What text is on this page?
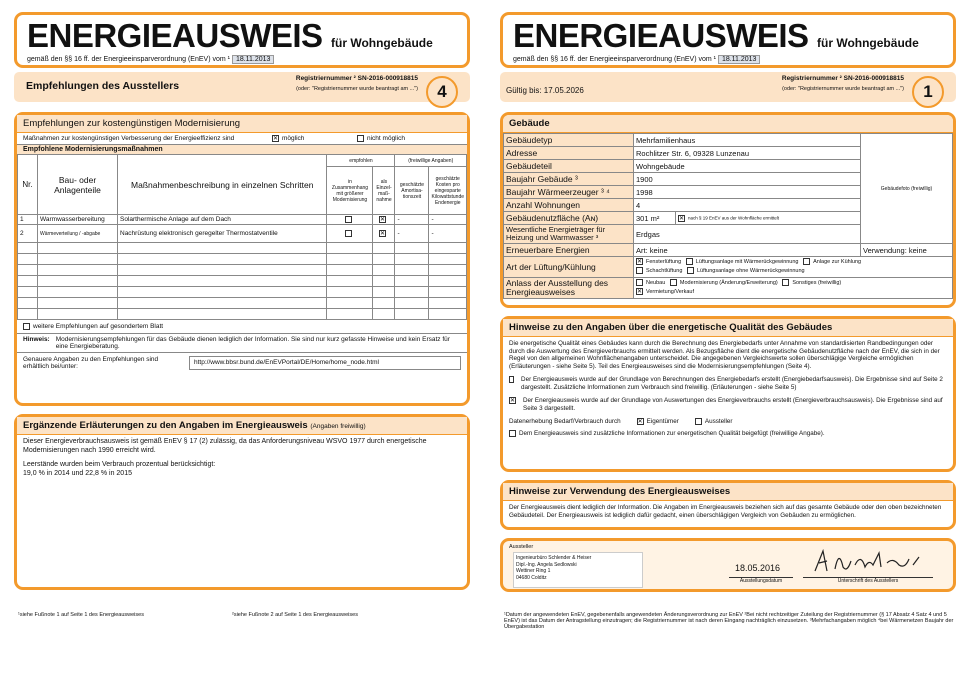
ENERGIEAUSWEIS für Wohngebäude
gemäß den §§ 16 ff. der Energieeinsparverordnung (EnEV) vom ¹ 18.11.2013
Empfehlungen des Ausstellers
Registriernummer ² SN-2016-000918815
(oder: "Registriernummer wurde beantragt am ...")	4
Empfehlungen zur kostengünstigen Modernisierung
Maßnahmen zur kostengünstigen Verbesserung der Energieeffizienz sind ✕	möglich	nicht möglich
Empfohlene Modernisierungsmaßnahmen
Nr.	Bau- oder Anlagenteile	Maßnahmenbeschreibung in einzelnen Schritten	empfohlen		(freiwillige Angaben)	
			in Zusammenhang mit größerer Modernisierung	als Einzel-maß-nahme	geschätzte Amortisa-tionszeit	geschätzte Kosten pro eingesparte Kilowattstunde Endenergie
1	Warmwasserbereitung	Solarthermische Anlage auf dem Dach		✕	-	-
2	Wärmeverteilung / -abgabe	Nachrüstung elektronisch geregelter Thermostatventile		✕	-	-

weitere Empfehlungen auf gesondertem Blatt
Hinweis: Modernisierungsempfehlungen für das Gebäude dienen lediglich der Information. Sie sind nur kurz gefasste Hinweise und kein Ersatz für eine Energieberatung.
Genauere Angaben zu den Empfehlungen sind erhältlich bei/unter:
http://www.bbsr.bund.de/EnEVPortal/DE/Home/home_node.html
Ergänzende Erläuterungen zu den Angaben im Energieausweis (Angaben freiwillig)
Dieser Energieverbrauchsausweis ist gemäß EnEV § 17 (2) zulässig, da das Anforderungsniveau WSVO 1977 durch energetische Modernisierungen nach 1990 erreicht wird.
Leerstände wurden beim Verbrauch prozentual berücksichtigt:
19,0 % in 2014 und 22,8 % in 2015
¹siehe Fußnote 1 auf Seite 1 des Energieausweises	²siehe Fußnote 2 auf Seite 1 des Energieausweises
ENERGIEAUSWEIS für Wohngebäude
gemäß den §§ 16 ff. der Energieeinsparverordnung (EnEV) vom ¹ 18.11.2013
Gültig bis: 17.05.2026
Registriernummer ² SN-2016-000918815
(oder: "Registriernummer wurde beantragt am ...")	1
Gebäude
Gebäudetyp	Mehrfamilienhaus		Gebäudefoto (freiwillig)
Adresse	Rochlitzer Str. 6, 09328 Lunzenau		
Gebäudeteil	Wohngebäude		
Baujahr Gebäude ³	1900		
Baujahr Wärmeerzeuger ³ ⁴	1998		
Anzahl Wohnungen	4		
Gebäudenutzfläche (Aɴ)	301 m²	✕nach § 19 EnEV aus der Wohnfläche ermittelt
Wesentliche Energieträger für Heizung und Warmwasser ³	Erdgas		
Erneuerbare Energien	Art: keine		Verwendung: keine
Art der Lüftung/Kühlung	✕Fensterlüftung Lüftungsanlage mit Wärmerückgewinnung Anlage zur Kühlung
Schachtlüftung Lüftungsanlage ohne Wärmerückgewinnung
Anlass der Ausstellung des Energieausweises	Neubau Modernisierung (Änderung/Erweiterung) Sonstiges (freiwillig)
✕Vermietung/Verkauf
Hinweise zu den Angaben über die energetische Qualität des Gebäudes
Die energetische Qualität eines Gebäudes kann durch die Berechnung des Energiebedarfs unter Annahme von standardisierten Randbedingungen oder durch die Auswertung des Energieverbrauchs ermittelt werden. Als Bezugsfläche dient die energetische Gebäudenutzfläche nach der EnEV, die sich in der Regel von den allgemeinen Wohnflächenangaben unterscheidet. Die angegebenen Vergleichswerte sollen überschlägige Vergleiche ermöglichen (Erläuterungen - siehe Seite 5). Teil des Energieausweises sind die Modernisierungsempfehlungen (Seite 4).
Der Energieausweis wurde auf der Grundlage von Berechnungen des Energiebedarfs erstellt (Energiebedarfsausweis). Die Ergebnisse sind auf Seite 2 dargestellt. Zusätzliche Informationen zum Verbrauch sind freiwillig. (Erläuterungen - siehe Seite 5)
✕
Der Energieausweis wurde auf der Grundlage von Auswertungen des Energieverbrauchs erstellt (Energieverbrauchsausweis). Die Ergebnisse sind auf Seite 3 dargestellt.
Datenerhebung Bedarf/Verbrauch durch ✕	Eigentümer	Aussteller
Dem Energieausweis sind zusätzliche Informationen zur energetischen Qualität beigefügt (freiwillige Angabe).
Hinweise zur Verwendung des Energieausweises
Der Energieausweis dient lediglich der Information. Die Angaben im Energieausweis beziehen sich auf das gesamte Gebäude oder den oben bezeichneten Gebäudeteil. Der Energieausweis ist lediglich dafür gedacht, einen überschlägigen Vergleich von Gebäuden zu ermöglichen.
Aussteller
Ingenieurbüro Schlender & Heiser
Dipl.-Ing. Angela Sedlowski
Wettiner Ring 1
04680 Colditz
18.05.2016
Ausstellungsdatum	Unterschrift des Ausstellers
¹Datum der angewendeten EnEV, gegebenenfalls angewendeten Änderungsverordnung zur EnEV ²Bei nicht rechtzeitiger Zuteilung der Registriernummer (§ 17 Absatz 4 Satz 4 und 5 EnEV) ist das Datum der Antragstellung einzutragen; die Registriernummer ist nach deren Eingang nachträglich einzusetzen. ³Mehrfachangaben möglich ⁴bei Wärmenetzen Baujahr der Übergabestation
